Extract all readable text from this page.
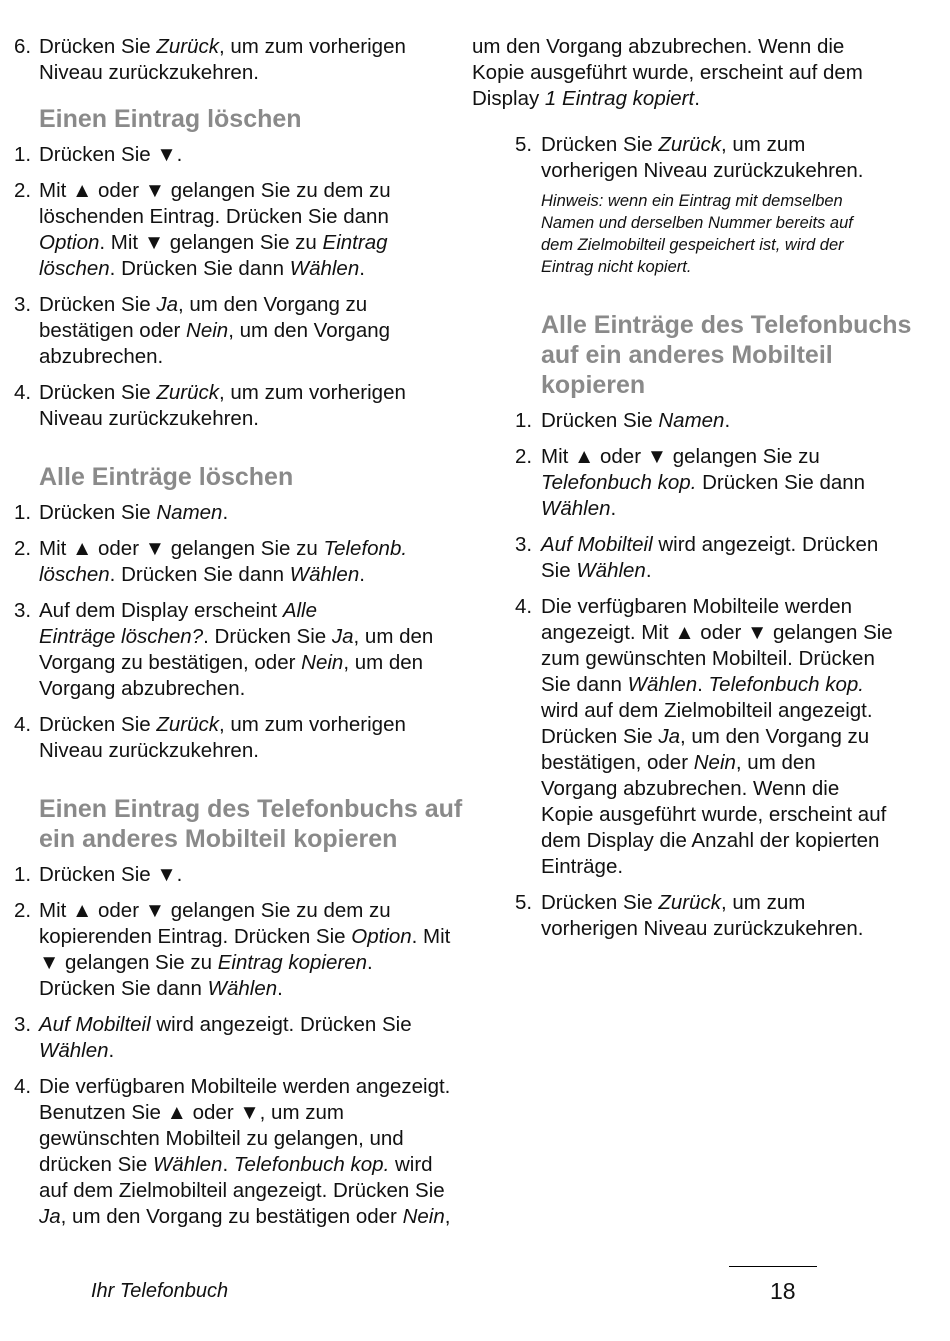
6. Drücken Sie Zurück, um zum vorherigen
Niveau zurückzukehren.

Einen Eintrag löschen
1. Drücken Sie ▼.

2. Mit ▲ oder ▼ gelangen Sie zu dem zu
löschenden Eintrag. Drücken Sie dann
Option. Mit ▼ gelangen Sie zu Eintrag
löschen. Drücken Sie dann Wählen.

3. Drücken Sie Ja, um den Vorgang zu
bestätigen oder Nein, um den Vorgang
abzubrechen.

4. Drücken Sie Zurück, um zum vorherigen
Niveau zurückzukehren.

Alle Einträge löschen
1. Drücken Sie Namen.

2. Mit ▲ oder ▼ gelangen Sie zu Telefonb.
löschen. Drücken Sie dann Wählen.

3. Auf dem Display erscheint Alle
Einträge löschen?. Drücken Sie Ja, um den
Vorgang zu bestätigen, oder Nein, um den
Vorgang abzubrechen.

4. Drücken Sie Zurück, um zum vorherigen
Niveau zurückzukehren.

Einen Eintrag des Telefonbuchs auf
ein anderes Mobilteil kopieren
1. Drücken Sie ▼.

2. Mit ▲ oder ▼ gelangen Sie zu dem zu
kopierenden Eintrag. Drücken Sie Option. Mit
▼ gelangen Sie zu Eintrag kopieren.
Drücken Sie dann Wählen.

3. Auf Mobilteil wird angezeigt. Drücken Sie
Wählen.

4. Die verfügbaren Mobilteile werden angezeigt.
Benutzen Sie ▲ oder ▼, um zum
gewünschten Mobilteil zu gelangen, und
drücken Sie Wählen. Telefonbuch kop. wird
auf dem Zielmobilteil angezeigt. Drücken Sie
Ja, um den Vorgang zu bestätigen oder Nein,

um den Vorgang abzubrechen. Wenn die
Kopie ausgeführt wurde, erscheint auf dem
Display 1 Eintrag kopiert.

5. Drücken Sie Zurück, um zum
vorherigen Niveau zurückzukehren.

Hinweis: wenn ein Eintrag mit demselben
Namen und derselben Nummer bereits auf
dem Zielmobilteil gespeichert ist, wird der
Eintrag nicht kopiert.

Alle Einträge des Telefonbuchs
auf ein anderes Mobilteil
kopieren
1. Drücken Sie Namen.

2. Mit ▲ oder ▼ gelangen Sie zu
Telefonbuch kop. Drücken Sie dann
Wählen.

3. Auf Mobilteil wird angezeigt. Drücken
Sie Wählen.

4. Die verfügbaren Mobilteile werden
angezeigt. Mit ▲ oder ▼ gelangen Sie
zum gewünschten Mobilteil. Drücken
Sie dann Wählen. Telefonbuch kop.
wird auf dem Zielmobilteil angezeigt.
Drücken Sie Ja, um den Vorgang zu
bestätigen, oder Nein, um den
Vorgang abzubrechen. Wenn die
Kopie ausgeführt wurde, erscheint auf
dem Display die Anzahl der kopierten
Einträge.

5. Drücken Sie Zurück, um zum
vorherigen Niveau zurückzukehren.

Ihr Telefonbuch	18
